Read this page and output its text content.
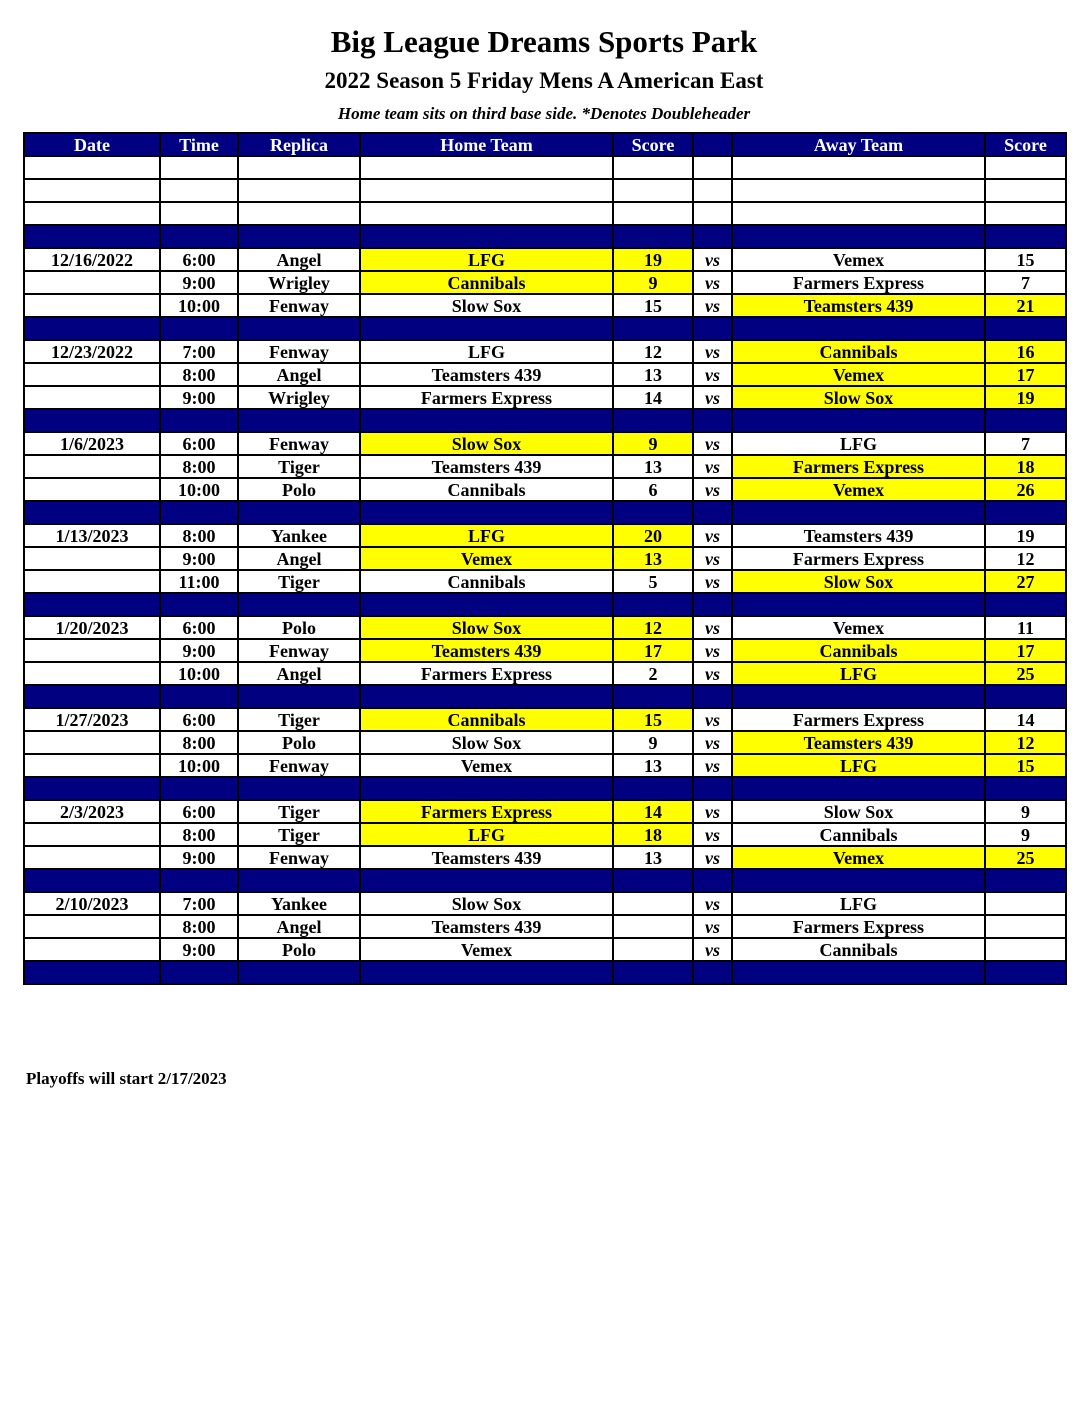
Big League Dreams Sports Park
2022 Season 5 Friday Mens A American East
Home team sits on third base side. *Denotes Doubleheader
Date	Time	Replica	Home Team	Score		Away Team	Score

12/16/2022	6:00	Angel	LFG	19	vs	Vemex	15
	9:00	Wrigley	Cannibals	9	vs	Farmers Express	7
	10:00	Fenway	Slow Sox	15	vs	Teamsters 439	21

12/23/2022	7:00	Fenway	LFG	12	vs	Cannibals	16
	8:00	Angel	Teamsters 439	13	vs	Vemex	17
	9:00	Wrigley	Farmers Express	14	vs	Slow Sox	19

1/6/2023	6:00	Fenway	Slow Sox	9	vs	LFG	7
	8:00	Tiger	Teamsters 439	13	vs	Farmers Express	18
	10:00	Polo	Cannibals	6	vs	Vemex	26

1/13/2023	8:00	Yankee	LFG	20	vs	Teamsters 439	19
	9:00	Angel	Vemex	13	vs	Farmers Express	12
	11:00	Tiger	Cannibals	5	vs	Slow Sox	27

1/20/2023	6:00	Polo	Slow Sox	12	vs	Vemex	11
	9:00	Fenway	Teamsters 439	17	vs	Cannibals	17
	10:00	Angel	Farmers Express	2	vs	LFG	25

1/27/2023	6:00	Tiger	Cannibals	15	vs	Farmers Express	14
	8:00	Polo	Slow Sox	9	vs	Teamsters 439	12
	10:00	Fenway	Vemex	13	vs	LFG	15

2/3/2023	6:00	Tiger	Farmers Express	14	vs	Slow Sox	9
	8:00	Tiger	LFG	18	vs	Cannibals	9
	9:00	Fenway	Teamsters 439	13	vs	Vemex	25

2/10/2023	7:00	Yankee	Slow Sox		vs	LFG	
	8:00	Angel	Teamsters 439		vs	Farmers Express	
	9:00	Polo	Vemex		vs	Cannibals	

Playoffs will start 2/17/2023
